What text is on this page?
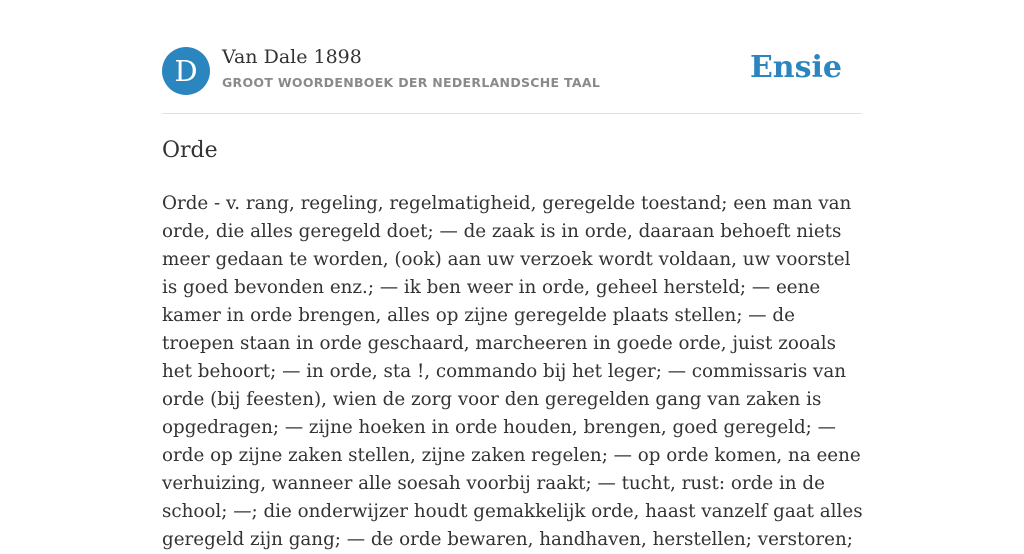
D	Van Dale 1898
GROOT WOORDENBOEK DER NEDERLANDSCHE TAAL	Ensie
Orde

Orde - v. rang, regeling, regelmatigheid, geregelde toestand; een man van orde, die alles geregeld doet; — de zaak is in orde, daaraan behoeft niets meer gedaan te worden, (ook) aan uw verzoek wordt voldaan, uw voorstel is goed bevonden enz.; — ik ben weer in orde, geheel hersteld; — eene kamer in orde brengen, alles op zijne geregelde plaats stellen; — de troepen staan in orde geschaard, marcheeren in goede orde, juist zooals het behoort; — in orde, sta !, commando bij het leger; — commissaris van orde (bij feesten), wien de zorg voor den geregelden gang van zaken is opgedragen; — zijne hoeken in orde houden, brengen, goed geregeld; — orde op zijne zaken stellen, zijne zaken regelen; — op orde komen, na eene verhuizing, wanneer alle soesah voorbij raakt; — tucht, rust: orde in de school; —; die onderwijzer houdt gemakkelijk orde, haast vanzelf gaat alles geregeld zijn gang; — de orde bewaren, handhaven, herstellen; verstoren;
